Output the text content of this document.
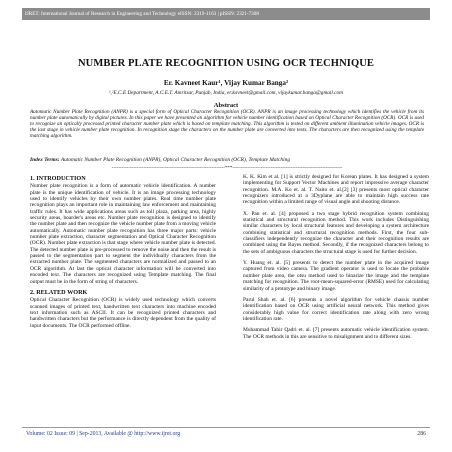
IJRET: International Journal of Research in Engineering and Technology eISSN: 2319-1163 | pISSN: 2321-7308
NUMBER PLATE RECOGNITION USING OCR TECHNIQUE
Er. Kavneet Kaur¹, Vijay Kumar Banga²
¹,²E.C.E Department, A.C.E.T. Amritsar, Punjab, India, er.kavneet@gmail.com, vijaykumar.banga@gmail.com
Abstract

Automatic Number Plate Recognition (ANPR) is a special form of Optical Character Recognition (OCR). ANPR is an image processing technology which identifies the vehicle from its number plate automatically by digital pictures. In this paper we have presented an algorithm for vehicle number identification based on Optical Character Recognition (OCR). OCR is used to recognize an optically processed printed character number plate which is based on template matching. This algorithm is tested on different ambient illumination vehicle images. OCR is the last stage in vehicle number plate recognition. In recognition stage the characters on the number plate are converted into texts. The characters are then recognized using the template matching algorithm.

Index Terms: Automatic Number Plate Recognition (ANPR), Optical Character Recognition (OCR), Template Matching

--------------------------------------------------------------------***------------------------------------------------------------------
1. INTRODUCTION

Number plate recognition is a form of automatic vehicle identification. A number plate is the unique identification of vehicle. It is an image processing technology used to identify vehicles by their own number plates. Real time number plate recognition plays an important role in maintaining law enforcement and maintaining traffic rules. It has wide applications areas such as toll plaza, parking area, highly security areas, boarder's areas etc. Number plate recognition is designed to identify the number plate and then recognize the vehicle number plate from a moving vehicle automatically. Automatic number plate recognition has three major parts: vehicle number plate extraction, character segmentation and Optical Character Recognition (OCR). Number plate extraction is that stage where vehicle number plate is detected. The detected number plate is pre-processed to remove the noise and then the result is passed to the segmentation part to segment the individually characters from the extracted number plate. The segmented characters are normalized and passed to an OCR algorithm. At last the optical character information will be converted into encoded text. The characters are recognized using Template matching. The final output must be in the form of string of characters.

2. RELATED WORK

Optical Character Recognition (OCR) is widely used technology which converts scanned images of printed text, handwritten text characters into machine encoded text information such as ASCII. It can be recognized printed characters and handwritten characters but the performance is directly dependent from the quality of input documents. The OCR performed offline.

K. K. Kim et al. [1] is strictly designed for Korean plates. It has designed a system implementing for Support Vector Machines and report impressive average character recognition. M.A. Ko et. al. T. Naito et. al.[2] [3] presents most optical character recognizers introduced at a 3Dyplane are able to maintain high success rate recognition within a limited range of visual angle and shooting distance.

X. Pan et. al. [4] proposed a two stage hybrid recognition system combining statistical and structural recognition method. This work includes Distinguishing similar characters by local structural features and developing a system architecture combining statistical and structural recognition methods. First, the four sub-classifiers independently recognize the character and their recognition results are combined using the Bayes method. Secondly, if the recognized characters belong to the sets of ambiguous characters the structural stage is used for further decision.

Y. Huang et. al. [5] presents to detect the number plate in the acquired image captured from video camera. The gradient operator is used to locate the probable number plate area, the otsu method used to binarize the image and the template matching for recognition. The root-mean-squared-error (RMSE) used for calculating similarity of a prototype and binary image.

Parul Shah et. al. [6] presents a novel algorithm for vehicle chassis number identification based on OCR using artificial neural network. This method gives considerably high value for correct identification rate along with zero wrong identification rate.

Muhammad Tahir Qadri et. al. [7] presents automatic vehicle identification system. The OCR methods in this are sensitive to misalignment and to different sizes.

Volume: 02 Issue: 09 | Sep-2013, Available @ http://www.ijret.org	286
